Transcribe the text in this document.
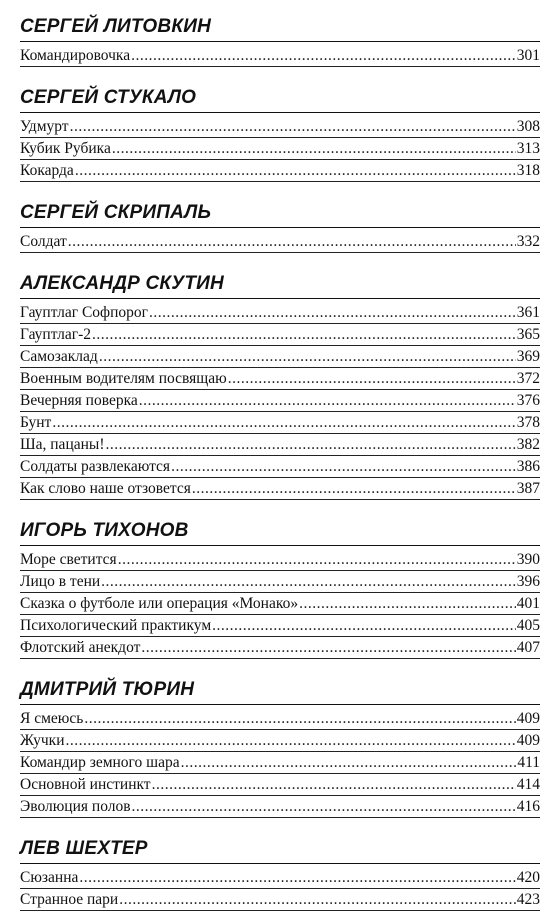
СЕРГЕЙ ЛИТОВКИН
Командировочка .....	301
СЕРГЕЙ СТУКАЛО
Удмурт .....	308
Кубик Рубика .....	313
Кокарда .....	318
СЕРГЕЙ СКРИПАЛЬ
Солдат .....	332
АЛЕКСАНДР СКУТИН
Гауптлаг Софпорог .....	361
Гауптлаг-2 .....	365
Самозаклад .....	369
Военным водителям посвящаю .....	372
Вечерняя поверка .....	376
Бунт .....	378
Ша, пацаны! .....	382
Солдаты развлекаются .....	386
Как слово наше отзовется .....	387
ИГОРЬ ТИХОНОВ
Море светится .....	390
Лицо в тени .....	396
Сказка о футболе или операция «Монако» .....	401
Психологический практикум .....	405
Флотский анекдот .....	407
ДМИТРИЙ ТЮРИН
Я смеюсь .....	409
Жучки .....	409
Командир земного шара .....	411
Основной инстинкт .....	414
Эволюция полов .....	416
ЛЕВ ШЕХТЕР
Сюзанна .....	420
Странное пари .....	423
